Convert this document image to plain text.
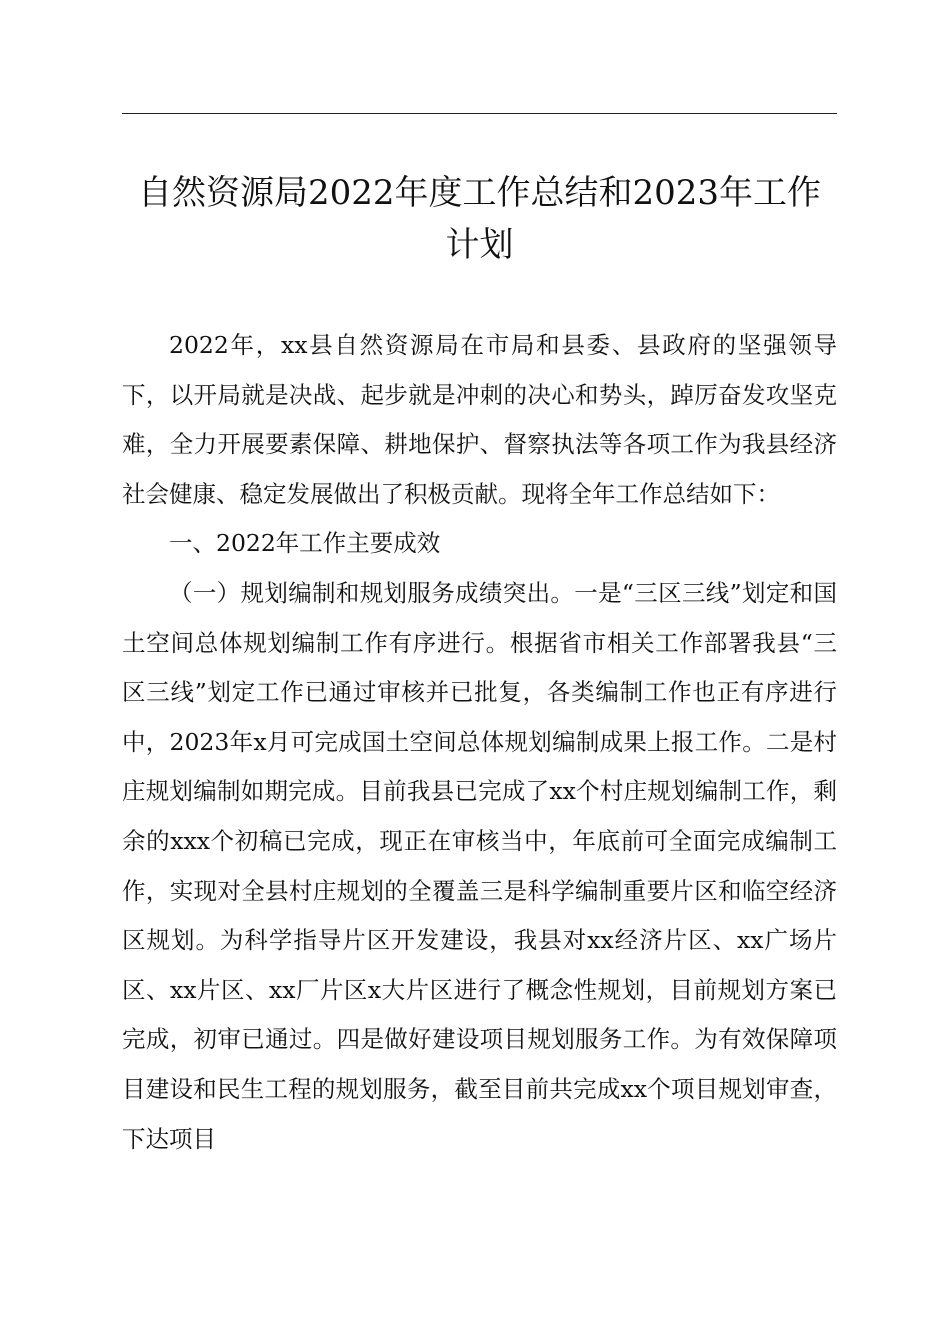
自然资源局2022年度工作总结和2023年工作
计划

2022年，xx县自然资源局在市局和县委、县政府的坚强领导下，以开局就是决战、起步就是冲刺的决心和势头，踔厉奋发攻坚克难，全力开展要素保障、耕地保护、督察执法等各项工作为我县经济社会健康、稳定发展做出了积极贡献。现将全年工作总结如下：

一、2022年工作主要成效

（一）规划编制和规划服务成绩突出。一是“三区三线”划定和国土空间总体规划编制工作有序进行。根据省市相关工作部署我县“三区三线”划定工作已通过审核并已批复，各类编制工作也正有序进行中，2023年x月可完成国土空间总体规划编制成果上报工作。二是村庄规划编制如期完成。目前我县已完成了xx个村庄规划编制工作，剩余的xxx个初稿已完成，现正在审核当中，年底前可全面完成编制工作，实现对全县村庄规划的全覆盖三是科学编制重要片区和临空经济区规划。为科学指导片区开发建设，我县对xx经济片区、xx广场片区、xx片区、xx厂片区x大片区进行了概念性规划，目前规划方案已完成，初审已通过。四是做好建设项目规划服务工作。为有效保障项目建设和民生工程的规划服务，截至目前共完成xx个项目规划审查，下达项目
